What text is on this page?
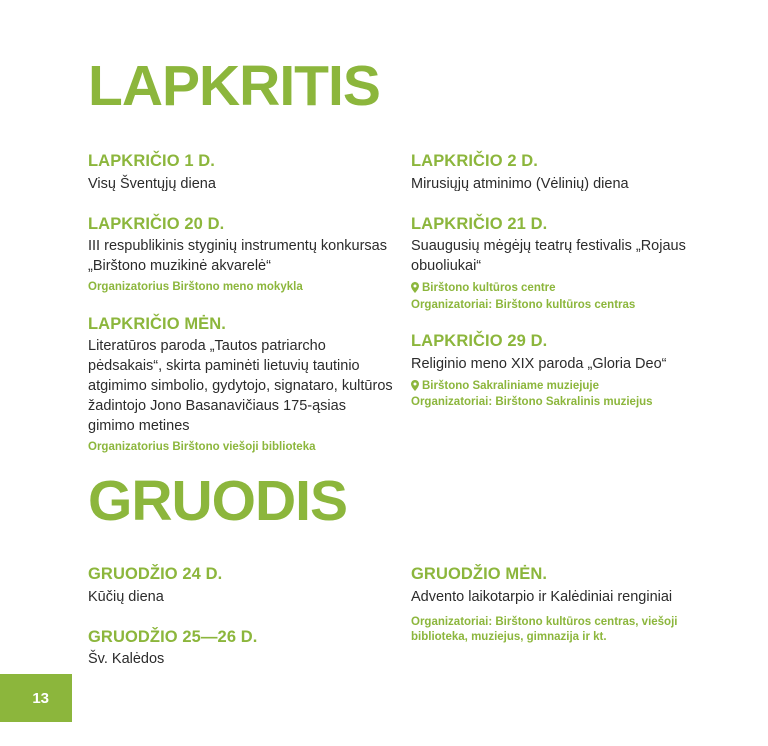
LAPKRITIS

LAPKRIČIO 1 D.

Visų Šventųjų diena

LAPKRIČIO 20 D.

III respublikinis styginių instrumentų konkursas „Birštono muzikinė akvarelė“

Organizatorius Birštono meno mokykla

LAPKRIČIO MĖN.

Literatūros paroda „Tautos patriarcho pėdsakais“, skirta paminėti lietuvių tautinio atgimimo simbolio, gydytojo, signataro, kultūros žadintojo Jono Basanavičiaus 175-ąsias gimimo metines

Organizatorius Birštono viešoji biblioteka

LAPKRIČIO 2 D.

Mirusiųjų atminimo (Vėlinių) diena

LAPKRIČIO 21 D.

Suaugusių mėgėjų teatrų festivalis „Rojaus obuoliukai“

Birštono kultūros centre

Organizatoriai: Birštono kultūros centras

LAPKRIČIO 29 D.

Religinio meno XIX paroda „Gloria Deo“

Birštono Sakraliniame muziejuje

Organizatoriai: Birštono Sakralinis muziejus

GRUODIS

GRUODŽIO 24 D.

Kūčių diena

GRUODŽIO 25—26 D.

Šv. Kalėdos

GRUODŽIO MĖN.

Advento laikotarpio ir Kalėdiniai renginiai

Organizatoriai: Birštono kultūros centras, viešoji biblioteka, muziejus, gimnazija ir kt.

13
